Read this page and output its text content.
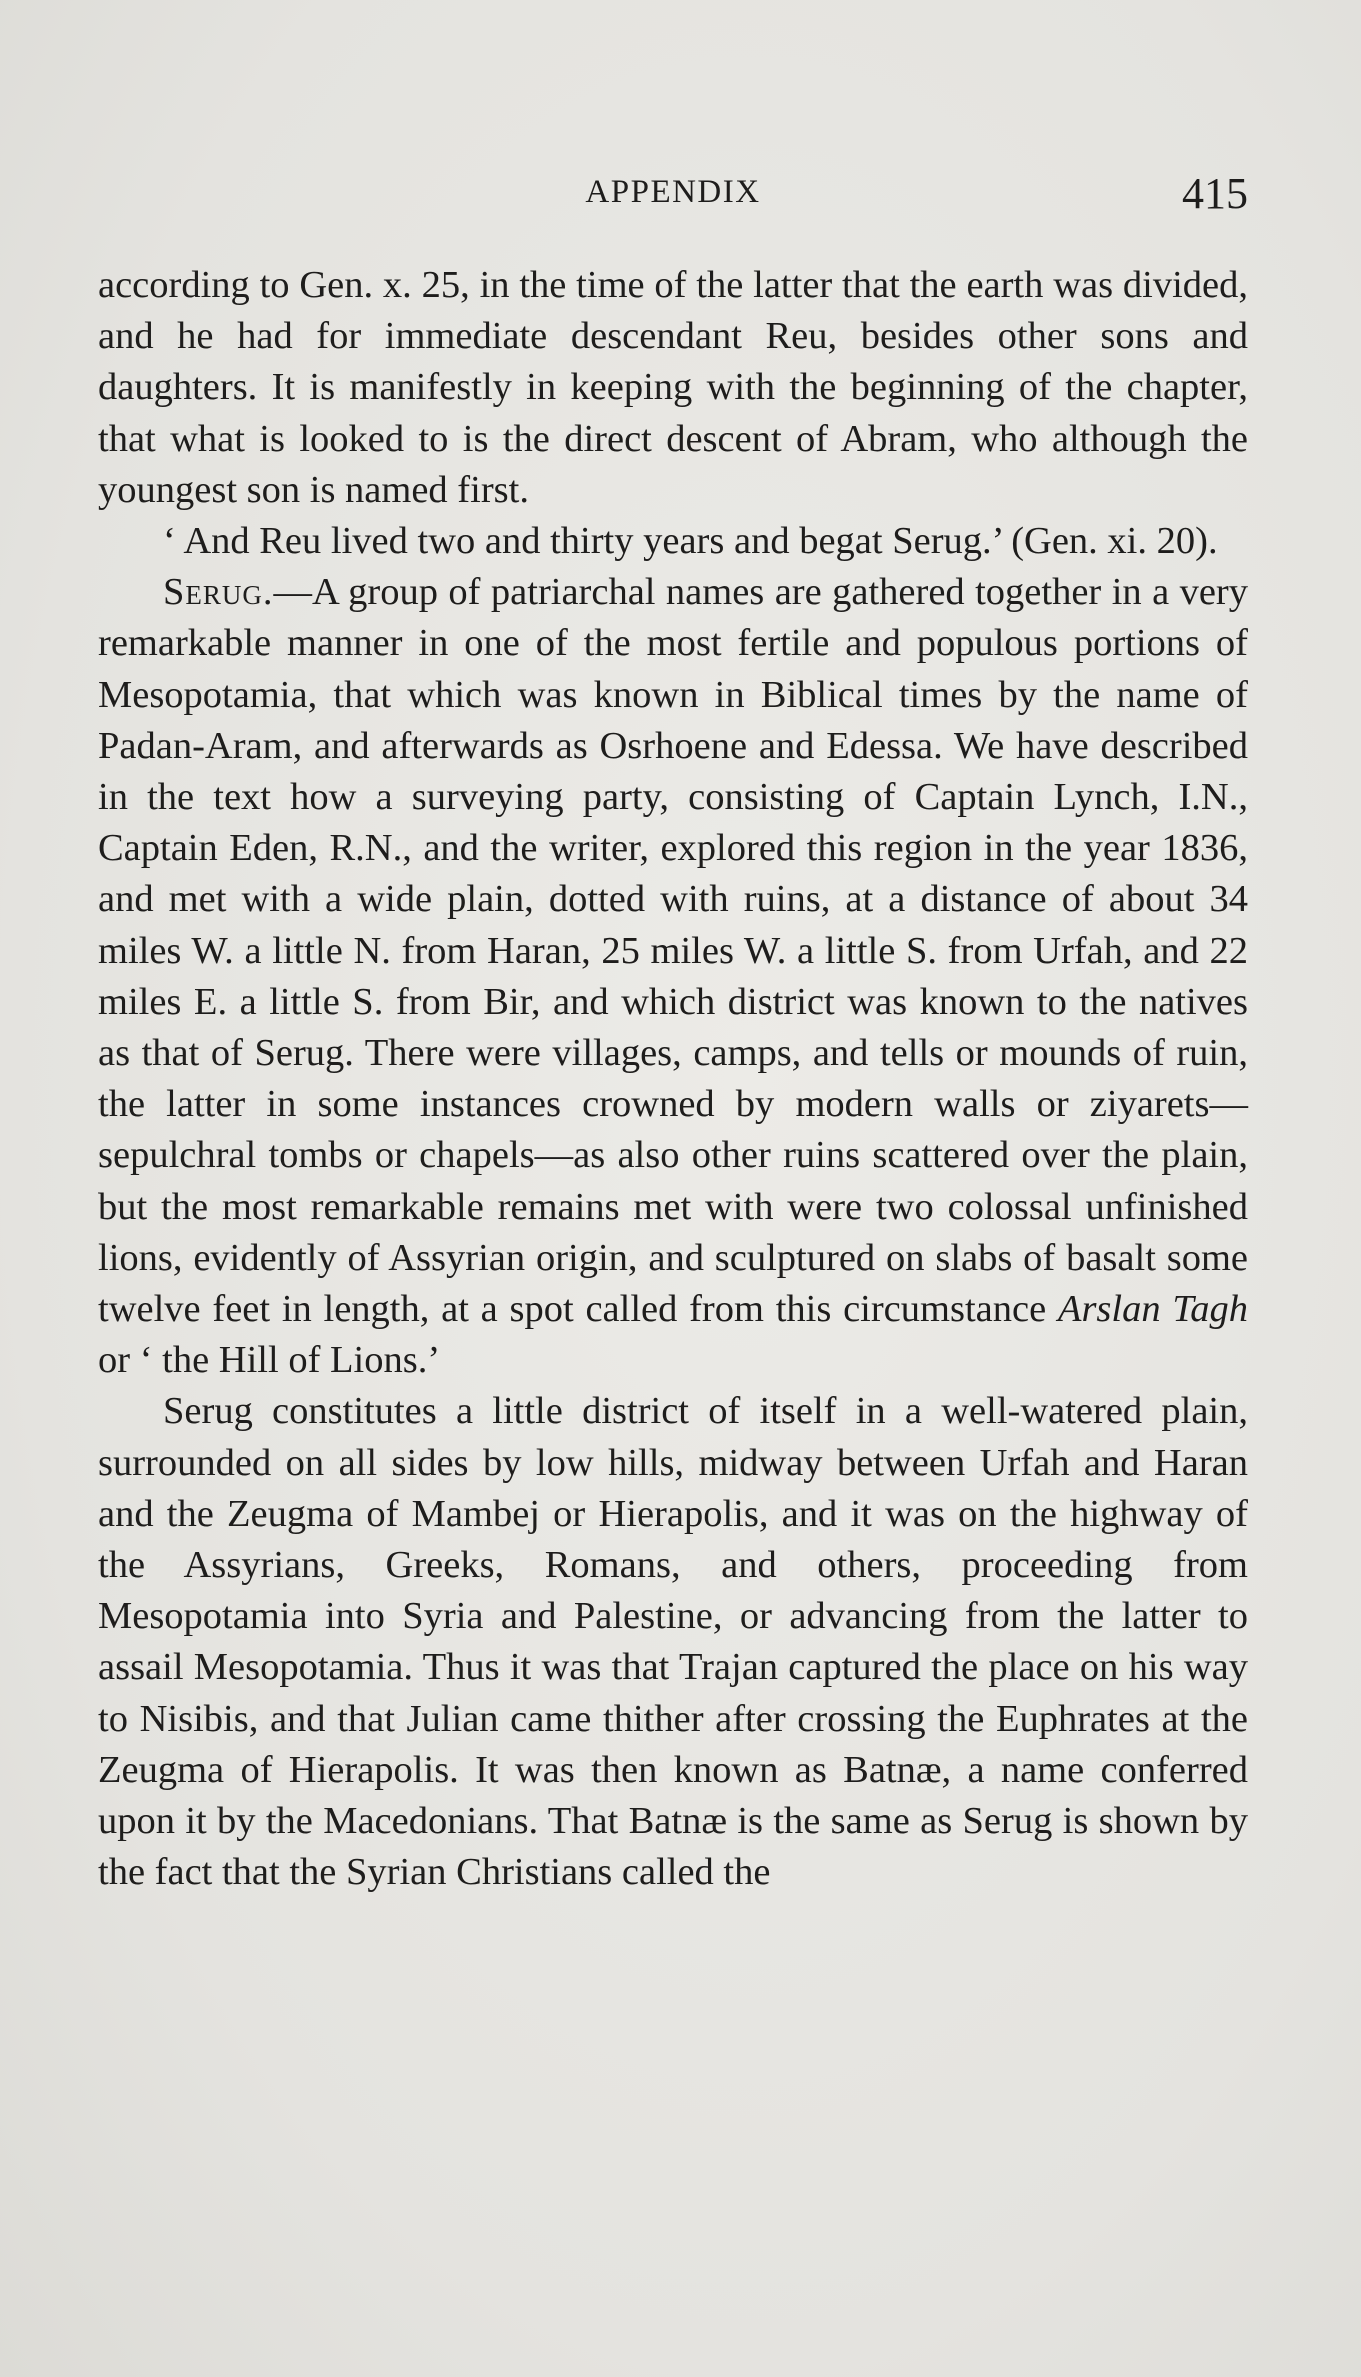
APPENDIX	415

according to Gen. x. 25, in the time of the latter that the earth was divided, and he had for immediate descendant Reu, besides other sons and daughters. It is manifestly in keeping with the beginning of the chapter, that what is looked to is the direct descent of Abram, who although the youngest son is named first.

‘ And Reu lived two and thirty years and begat Serug.’ (Gen. xi. 20).

Serug.—A group of patriarchal names are gathered together in a very remarkable manner in one of the most fertile and populous portions of Mesopotamia, that which was known in Biblical times by the name of Padan-Aram, and afterwards as Osrhoene and Edessa. We have described in the text how a surveying party, consisting of Captain Lynch, I.N., Captain Eden, R.N., and the writer, explored this region in the year 1836, and met with a wide plain, dotted with ruins, at a distance of about 34 miles W. a little N. from Haran, 25 miles W. a little S. from Urfah, and 22 miles E. a little S. from Bir, and which district was known to the natives as that of Serug. There were villages, camps, and tells or mounds of ruin, the latter in some instances crowned by modern walls or ziyarets—sepulchral tombs or chapels—as also other ruins scattered over the plain, but the most remarkable remains met with were two colossal unfinished lions, evidently of Assyrian origin, and sculptured on slabs of basalt some twelve feet in length, at a spot called from this circumstance Arslan Tagh or ‘ the Hill of Lions.’

Serug constitutes a little district of itself in a well-watered plain, surrounded on all sides by low hills, midway between Urfah and Haran and the Zeugma of Mambej or Hierapolis, and it was on the highway of the Assyrians, Greeks, Romans, and others, proceeding from Mesopotamia into Syria and Palestine, or advancing from the latter to assail Mesopotamia. Thus it was that Trajan captured the place on his way to Nisibis, and that Julian came thither after crossing the Euphrates at the Zeugma of Hierapolis. It was then known as Batnæ, a name conferred upon it by the Macedonians. That Batnæ is the same as Serug is shown by the fact that the Syrian Christians called the
